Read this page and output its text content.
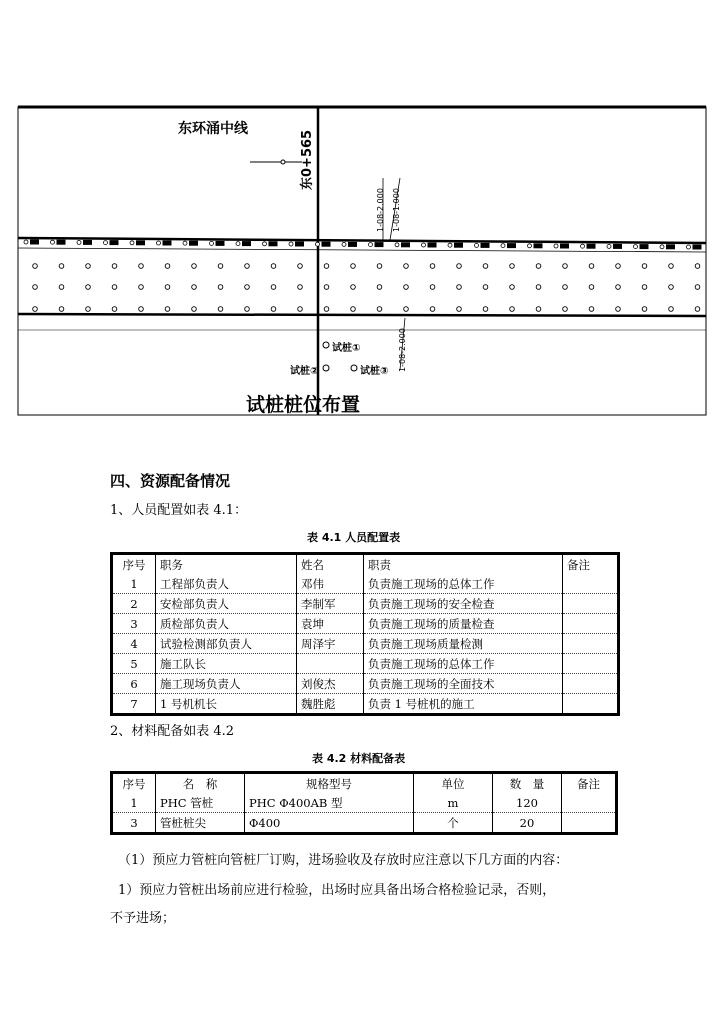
东环涌中线
东0+565
1-08-2.000 1-08-1.000
1-08-2.000
试桩①
试桩②	试桩③
试桩桩位布置
四、资源配备情况
1、人员配置如表 4.1：
表 4.1 人员配置表
序号	职务	姓名	职责	备注
1	工程部负责人	邓伟	负责施工现场的总体工作	
2	安检部负责人	李制军	负责施工现场的安全检查	
3	质检部负责人	袁坤	负责施工现场的质量检查	
4	试验检测部负责人	周泽宇	负责施工现场质量检测	
5	施工队长		负责施工现场的总体工作	
6	施工现场负责人	刘俊杰	负责施工现场的全面技术	
7	1 号机机长	魏胜彪	负责 1 号桩机的施工	
2、材料配备如表 4.2
表 4.2 材料配备表
序号	名　称	规格型号	单位	数　量	备注
1	PHC 管桩	PHC Φ400AB 型	m	120	
3	管桩桩尖	Φ400	个	20	
（1）预应力管桩向管桩厂订购，进场验收及存放时应注意以下几方面的内容：
1）预应力管桩出场前应进行检验，出场时应具备出场合格检验记录，否则，
不予进场；
